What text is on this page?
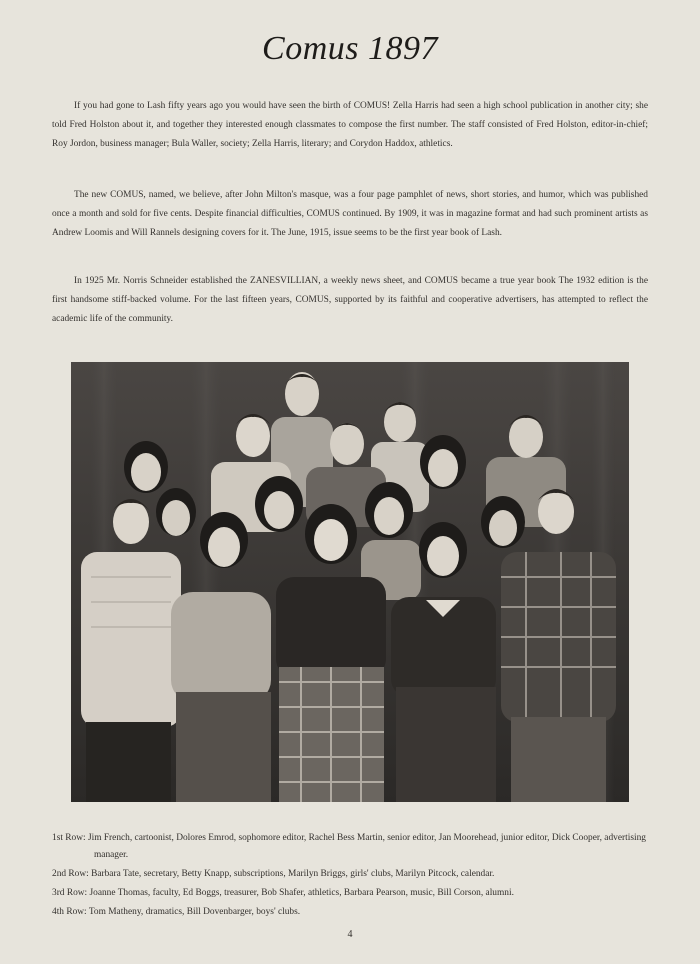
Comus 1897

If you had gone to Lash fifty years ago you would have seen the birth of COMUS! Zella Harris had seen a high school publication in another city; she told Fred Holston about it, and together they interested enough classmates to compose the first number. The staff consisted of Fred Holston, editor-in-chief; Roy Jordon, business manager; Bula Waller, society; Zella Harris, literary; and Corydon Haddox, athletics.

The new COMUS, named, we believe, after John Milton's masque, was a four page pamphlet of news, short stories, and humor, which was published once a month and sold for five cents. Despite financial difficulties, COMUS continued. By 1909, it was in magazine format and had such prominent artists as Andrew Loomis and Will Rannels designing covers for it. The June, 1915, issue seems to be the first year book of Lash.

In 1925 Mr. Norris Schneider established the ZANESVILLIAN, a weekly news sheet, and COMUS became a true year book The 1932 edition is the first handsome stiff-backed volume. For the last fifteen years, COMUS, supported by its faithful and cooperative advertisers, has attempted to reflect the academic life of the community.

1st Row: Jim French, cartoonist, Dolores Emrod, sophomore editor, Rachel Bess Martin, senior editor, Jan Moorehead, junior editor, Dick Cooper, advertising manager.

2nd Row: Barbara Tate, secretary, Betty Knapp, subscriptions, Marilyn Briggs, girls' clubs, Marilyn Pitcock, calendar.

3rd Row: Joanne Thomas, faculty, Ed Boggs, treasurer, Bob Shafer, athletics, Barbara Pearson, music, Bill Corson, alumni.

4th Row: Tom Matheny, dramatics, Bill Dovenbarger, boys' clubs.

4
